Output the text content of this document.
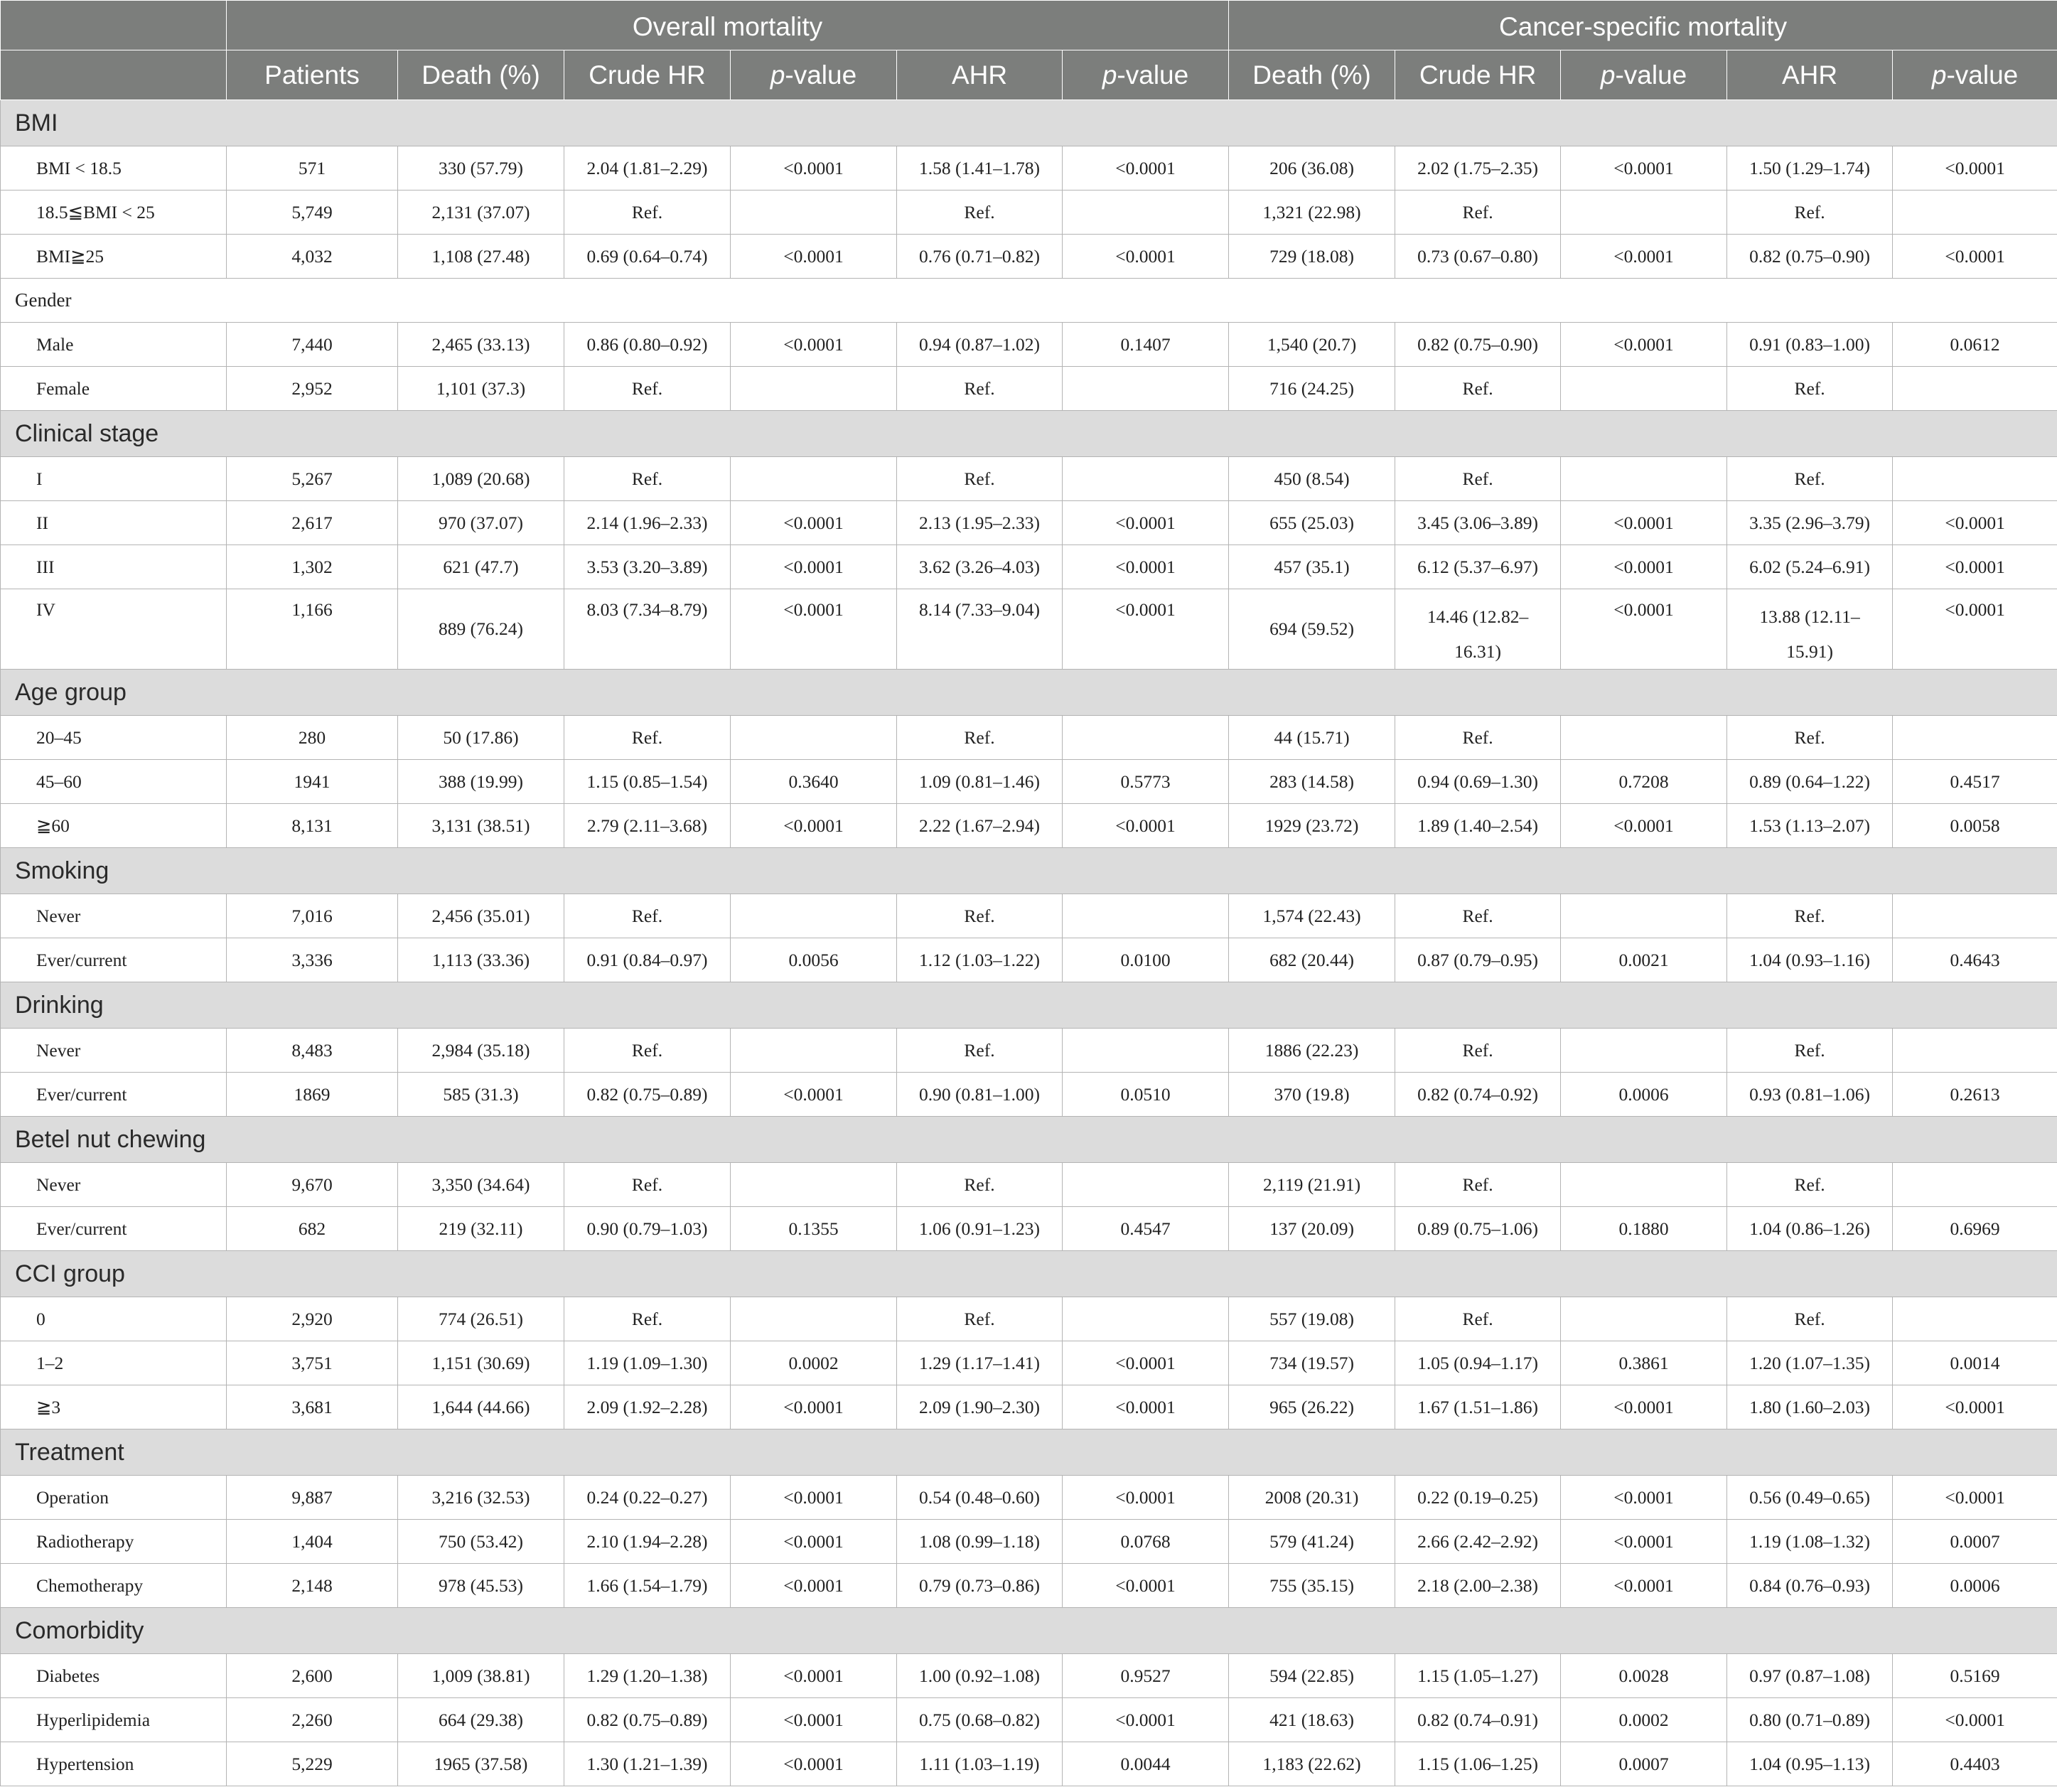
	Overall mortality						Cancer-specific mortality				
	Patients	Death (%)	Crude HR	p-value	AHR	p-value	Death (%)	Crude HR	p-value	AHR	p-value
BMI											
BMI < 18.5	571	330 (57.79)	2.04 (1.81–2.29)	<0.0001	1.58 (1.41–1.78)	<0.0001	206 (36.08)	2.02 (1.75–2.35)	<0.0001	1.50 (1.29–1.74)	<0.0001
18.5≦BMI < 25	5,749	2,131 (37.07)	Ref.		Ref.		1,321 (22.98)	Ref.		Ref.	
BMI≧25	4,032	1,108 (27.48)	0.69 (0.64–0.74)	<0.0001	0.76 (0.71–0.82)	<0.0001	729 (18.08)	0.73 (0.67–0.80)	<0.0001	0.82 (0.75–0.90)	<0.0001
Gender											
Male	7,440	2,465 (33.13)	0.86 (0.80–0.92)	<0.0001	0.94 (0.87–1.02)	0.1407	1,540 (20.7)	0.82 (0.75–0.90)	<0.0001	0.91 (0.83–1.00)	0.0612
Female	2,952	1,101 (37.3)	Ref.		Ref.		716 (24.25)	Ref.		Ref.	
Clinical stage											
I	5,267	1,089 (20.68)	Ref.		Ref.		450 (8.54)	Ref.		Ref.	
II	2,617	970 (37.07)	2.14 (1.96–2.33)	<0.0001	2.13 (1.95–2.33)	<0.0001	655 (25.03)	3.45 (3.06–3.89)	<0.0001	3.35 (2.96–3.79)	<0.0001
III	1,302	621 (47.7)	3.53 (3.20–3.89)	<0.0001	3.62 (3.26–4.03)	<0.0001	457 (35.1)	6.12 (5.37–6.97)	<0.0001	6.02 (5.24–6.91)	<0.0001
IV	1,166	889 (76.24)	8.03 (7.34–8.79)	<0.0001	8.14 (7.33–9.04)	<0.0001	694 (59.52)	14.46 (12.82–16.31)	<0.0001	13.88 (12.11–15.91)	<0.0001
Age group											
20–45	280	50 (17.86)	Ref.		Ref.		44 (15.71)	Ref.		Ref.	
45–60	1941	388 (19.99)	1.15 (0.85–1.54)	0.3640	1.09 (0.81–1.46)	0.5773	283 (14.58)	0.94 (0.69–1.30)	0.7208	0.89 (0.64–1.22)	0.4517
≧60	8,131	3,131 (38.51)	2.79 (2.11–3.68)	<0.0001	2.22 (1.67–2.94)	<0.0001	1929 (23.72)	1.89 (1.40–2.54)	<0.0001	1.53 (1.13–2.07)	0.0058
Smoking											
Never	7,016	2,456 (35.01)	Ref.		Ref.		1,574 (22.43)	Ref.		Ref.	
Ever/current	3,336	1,113 (33.36)	0.91 (0.84–0.97)	0.0056	1.12 (1.03–1.22)	0.0100	682 (20.44)	0.87 (0.79–0.95)	0.0021	1.04 (0.93–1.16)	0.4643
Drinking											
Never	8,483	2,984 (35.18)	Ref.		Ref.		1886 (22.23)	Ref.		Ref.	
Ever/current	1869	585 (31.3)	0.82 (0.75–0.89)	<0.0001	0.90 (0.81–1.00)	0.0510	370 (19.8)	0.82 (0.74–0.92)	0.0006	0.93 (0.81–1.06)	0.2613
Betel nut chewing											
Never	9,670	3,350 (34.64)	Ref.		Ref.		2,119 (21.91)	Ref.		Ref.	
Ever/current	682	219 (32.11)	0.90 (0.79–1.03)	0.1355	1.06 (0.91–1.23)	0.4547	137 (20.09)	0.89 (0.75–1.06)	0.1880	1.04 (0.86–1.26)	0.6969
CCI group											
0	2,920	774 (26.51)	Ref.		Ref.		557 (19.08)	Ref.		Ref.	
1–2	3,751	1,151 (30.69)	1.19 (1.09–1.30)	0.0002	1.29 (1.17–1.41)	<0.0001	734 (19.57)	1.05 (0.94–1.17)	0.3861	1.20 (1.07–1.35)	0.0014
≧3	3,681	1,644 (44.66)	2.09 (1.92–2.28)	<0.0001	2.09 (1.90–2.30)	<0.0001	965 (26.22)	1.67 (1.51–1.86)	<0.0001	1.80 (1.60–2.03)	<0.0001
Treatment											
Operation	9,887	3,216 (32.53)	0.24 (0.22–0.27)	<0.0001	0.54 (0.48–0.60)	<0.0001	2008 (20.31)	0.22 (0.19–0.25)	<0.0001	0.56 (0.49–0.65)	<0.0001
Radiotherapy	1,404	750 (53.42)	2.10 (1.94–2.28)	<0.0001	1.08 (0.99–1.18)	0.0768	579 (41.24)	2.66 (2.42–2.92)	<0.0001	1.19 (1.08–1.32)	0.0007
Chemotherapy	2,148	978 (45.53)	1.66 (1.54–1.79)	<0.0001	0.79 (0.73–0.86)	<0.0001	755 (35.15)	2.18 (2.00–2.38)	<0.0001	0.84 (0.76–0.93)	0.0006
Comorbidity											
Diabetes	2,600	1,009 (38.81)	1.29 (1.20–1.38)	<0.0001	1.00 (0.92–1.08)	0.9527	594 (22.85)	1.15 (1.05–1.27)	0.0028	0.97 (0.87–1.08)	0.5169
Hyperlipidemia	2,260	664 (29.38)	0.82 (0.75–0.89)	<0.0001	0.75 (0.68–0.82)	<0.0001	421 (18.63)	0.82 (0.74–0.91)	0.0002	0.80 (0.71–0.89)	<0.0001
Hypertension	5,229	1965 (37.58)	1.30 (1.21–1.39)	<0.0001	1.11 (1.03–1.19)	0.0044	1,183 (22.62)	1.15 (1.06–1.25)	0.0007	1.04 (0.95–1.13)	0.4403
